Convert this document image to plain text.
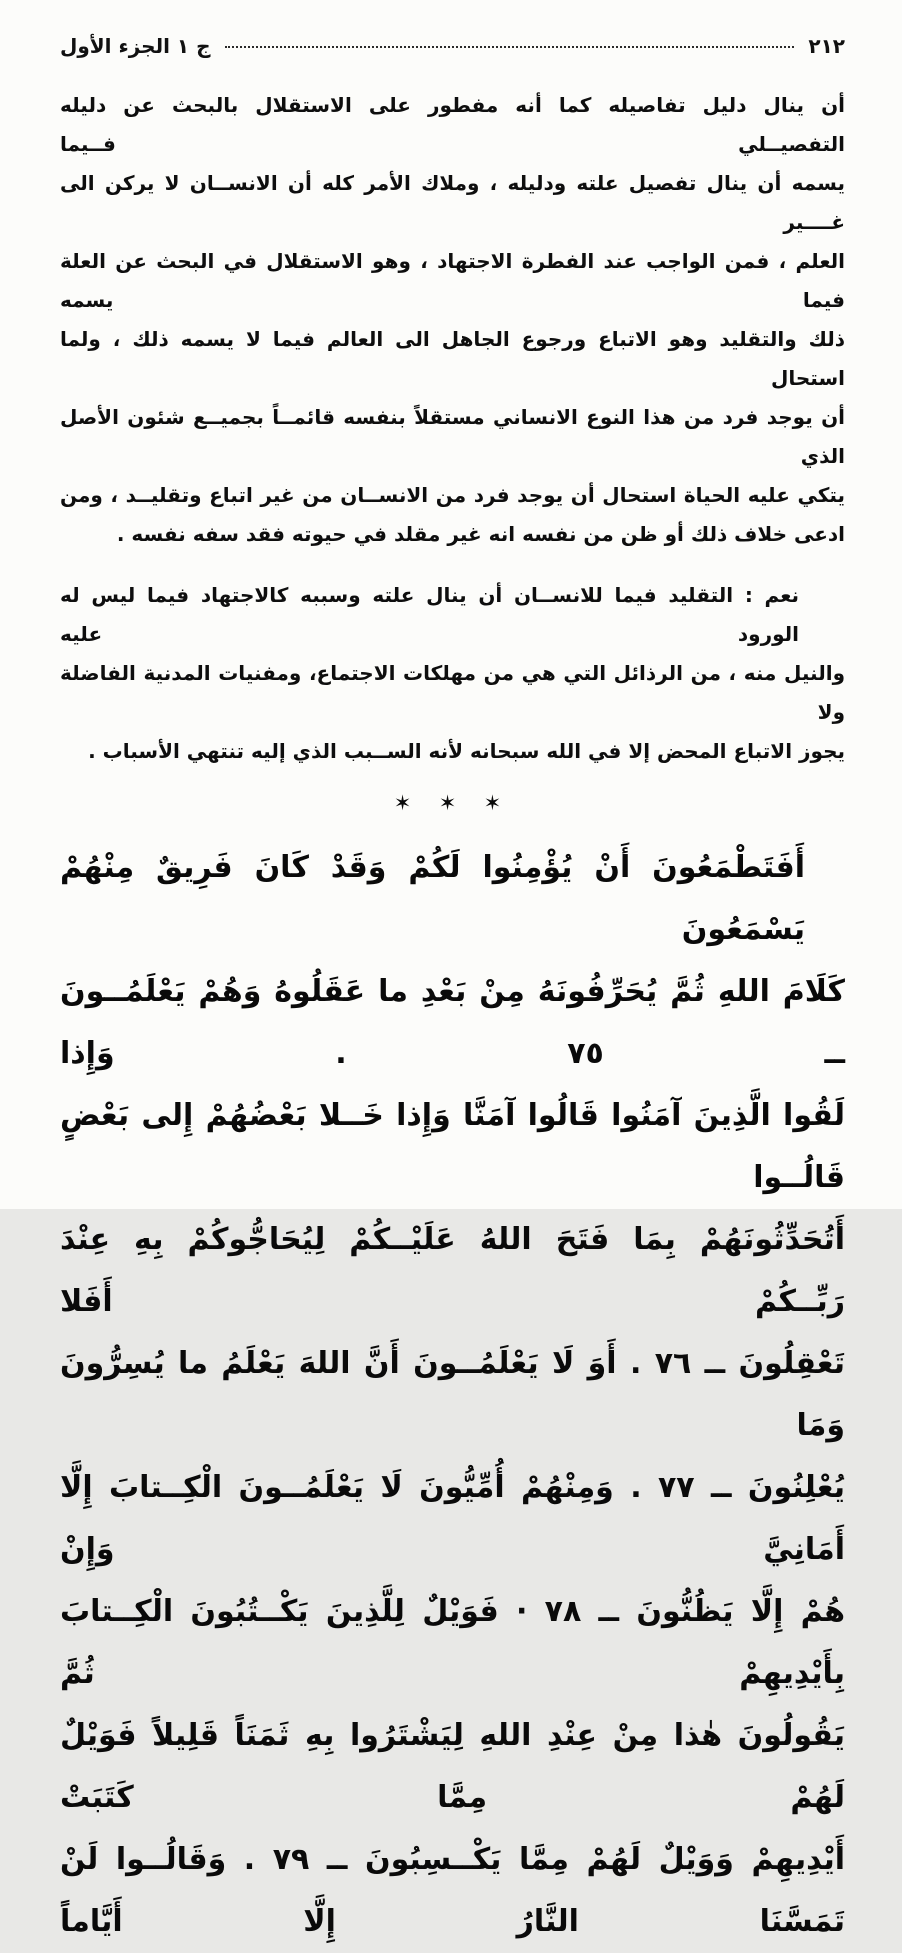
٢١٢
ج ١ الجزء الأول
أن ينال دليل تفاصيله كما أنه مفطور على الاستقلال بالبحث عن دليله التفصيــلي فــيما
يسمه أن ينال تفصيل علته ودليله ، وملاك الأمر كله أن الانســان لا يركن الى غــــير
العلم ، فمن الواجب عند الفطرة الاجتهاد ، وهو الاستقلال في البحث عن العلة فيما يسمه
ذلك والتقليد وهو الاتباع ورجوع الجاهل الى العالم فيما لا يسمه ذلك ، ولما استحال
أن يوجد فرد من هذا النوع الانساني مستقلاً بنفسه قائمــاً بجميــع شئون الأصل الذي
يتكي عليه الحياة استحال أن يوجد فرد من الانســان من غير اتباع وتقليــد ، ومن
ادعى خلاف ذلك أو ظن من نفسه انه غير مقلد في حيوته فقد سفه نفسه .
نعم : التقليد فيما للانســان أن ينال علته وسببه كالاجتهاد فيما ليس له الورود عليه
والنيل منه ، من الرذائل التي هي من مهلكات الاجتماع، ومفنيات المدنية الفاضلة ولا
يجوز الاتباع المحض إلا في الله سبحانه لأنه الســبب الذي إليه تنتهي الأسباب .
✶ ✶ ✶
أَفَتَطْمَعُونَ أَنْ يُؤْمِنُوا لَكُمْ وَقَدْ كَانَ فَرِيقٌ مِنْهُمْ يَسْمَعُونَ
كَلَامَ اللهِ ثُمَّ يُحَرِّفُونَهُ مِنْ بَعْدِ ما عَقَلُوهُ وَهُمْ يَعْلَمُــونَ ــ ٧٥ . وَإِذا
لَقُوا الَّذِينَ آمَنُوا قَالُوا آمَنَّا وَإِذا خَــلا بَعْضُهُمْ إِلى بَعْضٍ قَالُــوا
أَتُحَدِّثُونَهُمْ بِمَا فَتَحَ اللهُ عَلَيْــكُمْ لِيُحَاجُّوكُمْ بِهِ عِنْدَ رَبِّــكُمْ أَفَلا
تَعْقِلُونَ ــ ٧٦ . أَوَ لَا يَعْلَمُــونَ أَنَّ اللهَ يَعْلَمُ ما يُسِرُّونَ وَمَا
يُعْلِنُونَ ــ ٧٧ . وَمِنْهُمْ أُمِّيُّونَ لَا يَعْلَمُــونَ الْكِــتابَ إِلَّا أَمَانِيَّ وَإِنْ
هُمْ إِلَّا يَظُنُّونَ ــ ٧٨ · فَوَيْلٌ لِلَّذِينَ يَكْــتُبُونَ الْكِــتابَ بِأَيْدِيهِمْ ثُمَّ
يَقُولُونَ هٰذا مِنْ عِنْدِ اللهِ لِيَشْتَرُوا بِهِ ثَمَنَاً قَلِيلاً فَوَيْلٌ لَهُمْ مِمَّا كَتَبَتْ
أَيْدِيهِمْ وَوَيْلٌ لَهُمْ مِمَّا يَكْــسِبُونَ ــ ٧٩ . وَقَالُــوا لَنْ تَمَسَّنَا النَّارُ إِلَّا أَيَّاماً
